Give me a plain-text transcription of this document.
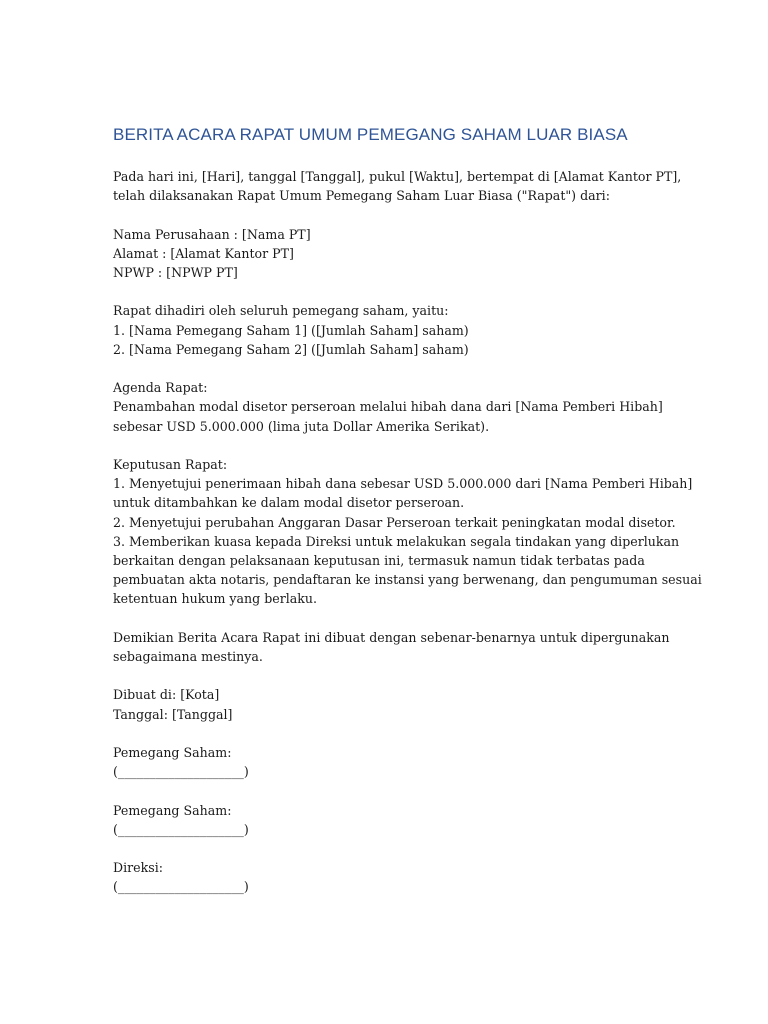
BERITA ACARA RAPAT UMUM PEMEGANG SAHAM LUAR BIASA
Pada hari ini, [Hari], tanggal [Tanggal], pukul [Waktu], bertempat di [Alamat Kantor PT],
telah dilaksanakan Rapat Umum Pemegang Saham Luar Biasa ("Rapat") dari:
Nama Perusahaan : [Nama PT]
Alamat : [Alamat Kantor PT]
NPWP : [NPWP PT]
Rapat dihadiri oleh seluruh pemegang saham, yaitu:
1. [Nama Pemegang Saham 1] ([Jumlah Saham] saham)
2. [Nama Pemegang Saham 2] ([Jumlah Saham] saham)
Agenda Rapat:
Penambahan modal disetor perseroan melalui hibah dana dari [Nama Pemberi Hibah]
sebesar USD 5.000.000 (lima juta Dollar Amerika Serikat).
Keputusan Rapat:
1. Menyetujui penerimaan hibah dana sebesar USD 5.000.000 dari [Nama Pemberi Hibah]
untuk ditambahkan ke dalam modal disetor perseroan.
2. Menyetujui perubahan Anggaran Dasar Perseroan terkait peningkatan modal disetor.
3. Memberikan kuasa kepada Direksi untuk melakukan segala tindakan yang diperlukan
berkaitan dengan pelaksanaan keputusan ini, termasuk namun tidak terbatas pada
pembuatan akta notaris, pendaftaran ke instansi yang berwenang, dan pengumuman sesuai
ketentuan hukum yang berlaku.
Demikian Berita Acara Rapat ini dibuat dengan sebenar-benarnya untuk dipergunakan
sebagaimana mestinya.
Dibuat di: [Kota]
Tanggal: [Tanggal]
Pemegang Saham:
(____________________)
Pemegang Saham:
(____________________)
Direksi:
(____________________)
